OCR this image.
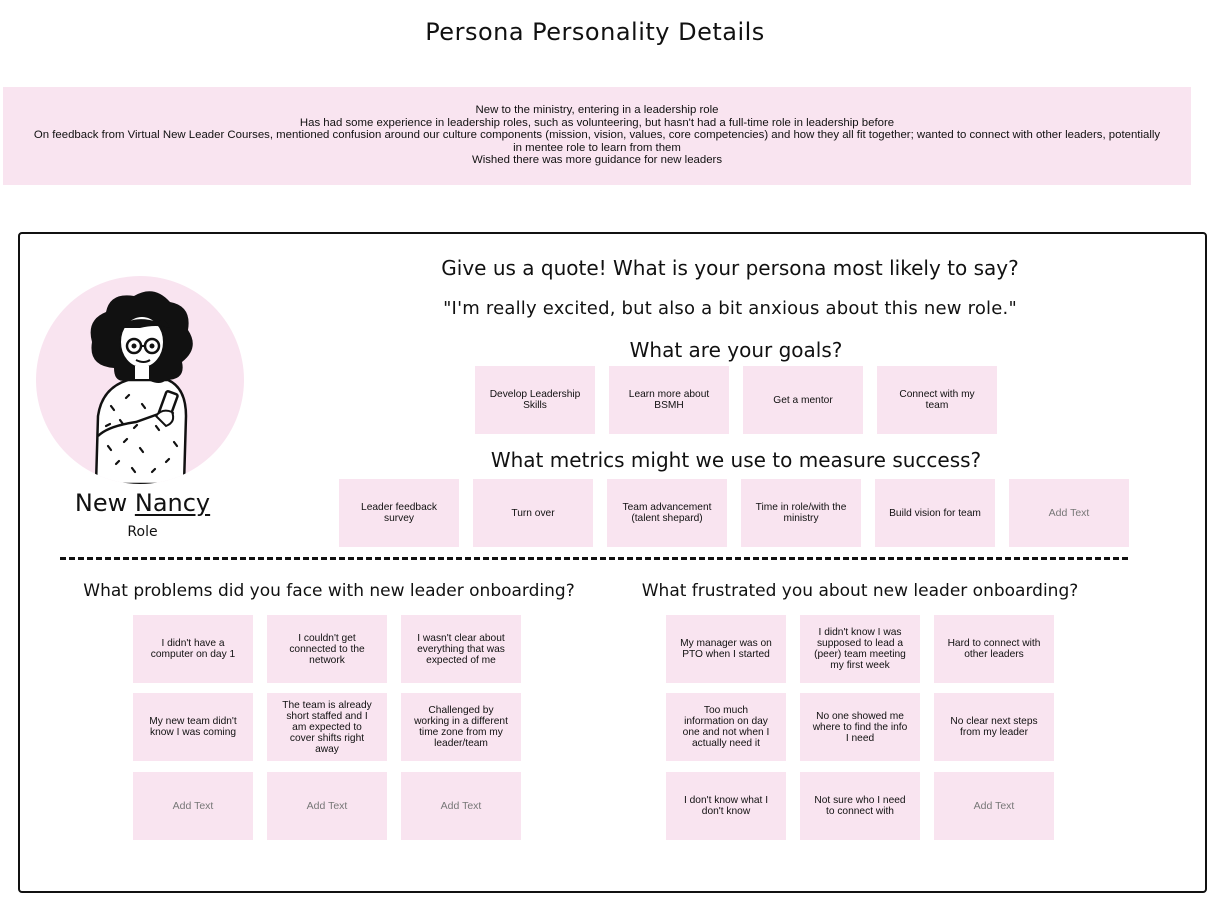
Persona Personality Details
New to the ministry, entering in a leadership role
Has had some experience in leadership roles, such as volunteering, but hasn't had a full-time role in leadership before
On feedback from Virtual New Leader Courses, mentioned confusion around our culture components (mission, vision, values, core competencies) and how they all fit together; wanted to connect with other leaders, potentially in mentee role to learn from them
Wished there was more guidance for new leaders
New Nancy
Role
Give us a quote! What is your persona most likely to say?
"I'm really excited, but also a bit anxious about this new role."
What are your goals?
Develop Leadership Skills
Learn more about BSMH	Get a mentor	Connect with my team
What metrics might we use to measure success?
Leader feedback survey	Turn over	Team advancement (talent shepard)
Time in role/with the ministry	Build vision for team	Add Text
What problems did you face with new leader onboarding?
I didn't have a computer on day 1
I couldn't get connected to the network
I wasn't clear about everything that was expected of me
My new team didn't know I was coming
The team is already short staffed and I am expected to cover shifts right away
Challenged by working in a different time zone from my leader/team
Add Text	Add Text	Add Text
What frustrated you about new leader onboarding?
My manager was on PTO when I started
I didn't know I was supposed to lead a (peer) team meeting my first week
Hard to connect with other leaders
Too much information on day one and not when I actually need it
No one showed me where to find the info I need
No clear next steps from my leader
I don't know what I don't know
Not sure who I need to connect with	Add Text
